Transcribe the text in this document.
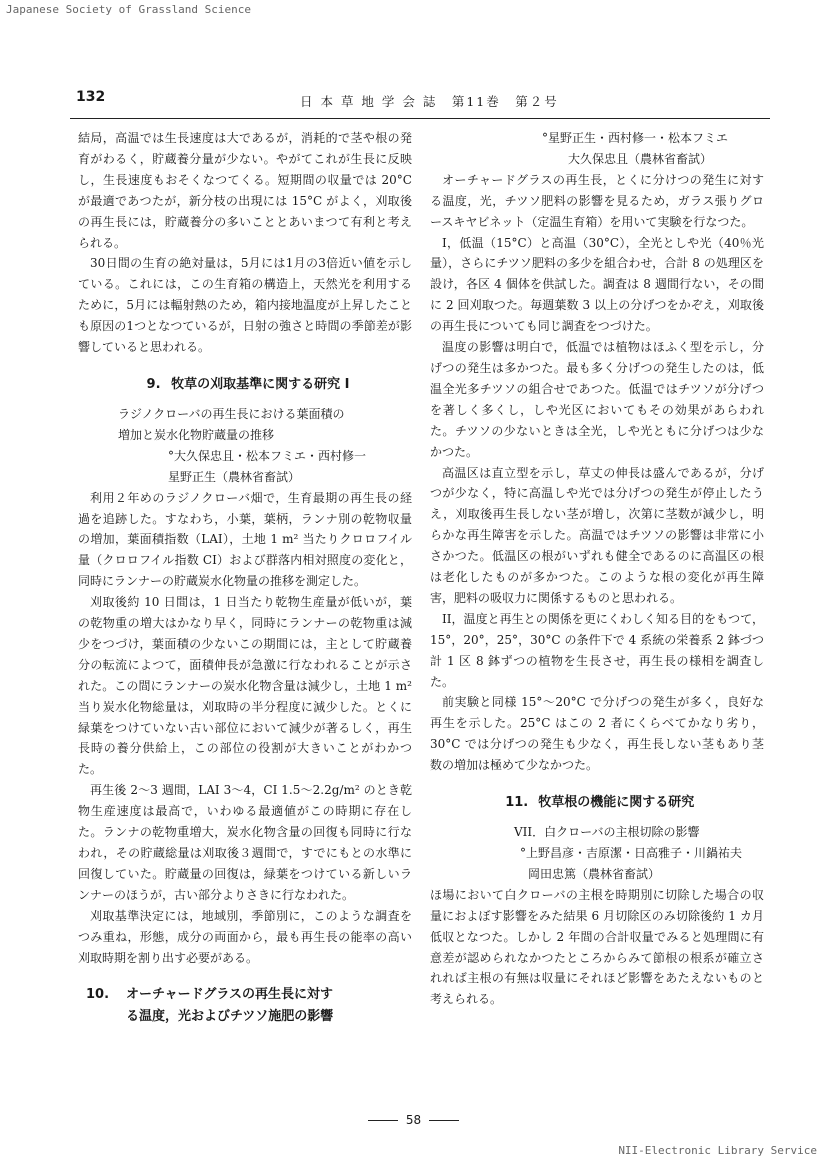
Japanese Society of Grassland Science
132	日 本 草 地 学 会 誌　第11巻　第２号

結局，高温では生長速度は大であるが，消耗的で茎や根の発育がわるく，貯蔵養分量が少ない。やがてこれが生長に反映し，生長速度もおそくなつてくる。短期間の収量では 20°C が最適であつたが，新分枝の出現には 15°C がよく，刈取後の再生長には，貯蔵養分の多いこととあいまつて有利と考えられる。

30日間の生育の絶対量は，5月には1月の3倍近い値を示している。これには，この生育箱の構造上，天然光を利用するために，5月には輻射熱のため，箱内接地温度が上昇したことも原因の1つとなつているが，日射の強さと時間の季節差が影響していると思われる。

9. 牧草の刈取基準に関する研究 I

ラジノクローバの再生長における葉面積の

増加と炭水化物貯蔵量の推移

°大久保忠且・松本フミエ・西村修一

星野正生（農林省畜試）

利用２年めのラジノクローバ畑で，生育最期の再生長の経過を追跡した。すなわち，小葉，葉柄，ランナ別の乾物収量の増加，葉面積指数（LAI），土地 1 m² 当たりクロロフイル量（クロロフイル指数 CI）および群落内相対照度の変化と，同時にランナーの貯蔵炭水化物量の推移を測定した。

刈取後約 10 日間は，1 日当たり乾物生産量が低いが，葉の乾物重の増大はかなり早く，同時にランナーの乾物重は減少をつづけ，葉面積の少ないこの期間には，主として貯蔵養分の転流によつて，面積伸長が急激に行なわれることが示された。この間にランナーの炭水化物含量は減少し，土地 1 m² 当り炭水化物総量は，刈取時の半分程度に減少した。とくに緑葉をつけていない古い部位において減少が著るしく，再生長時の養分供給上，この部位の役割が大きいことがわかつた。

再生後 2～3 週間，LAI 3～4，CI 1.5～2.2g/m² のとき乾物生産速度は最高で，いわゆる最適値がこの時期に存在した。ランナの乾物重増大，炭水化物含量の回復も同時に行なわれ，その貯蔵総量は刈取後３週間で，すでにもとの水準に回復していた。貯蔵量の回復は，緑葉をつけている新しいランナーのほうが，古い部分よりさきに行なわれた。

刈取基準決定には，地域別，季節別に，このような調査をつみ重ね，形態，成分の両面から，最も再生長の能率の高い刈取時期を割り出す必要がある。

10. オーチャードグラスの再生長に対す
る温度，光およびチツソ施肥の影響

°星野正生・西村修一・松本フミエ

大久保忠且（農林省畜試）

オーチャードグラスの再生長，とくに分けつの発生に対する温度，光，チツソ肥料の影響を見るため，ガラス張りグロースキヤビネット（定温生育箱）を用いて実験を行なつた。

I，低温（15°C）と高温（30°C），全光としや光（40％光量），さらにチツソ肥料の多少を組合わせ，合計 8 の処理区を設け，各区 4 個体を供試した。調査は 8 週間行ない，その間に 2 回刈取つた。毎週葉数 3 以上の分げつをかぞえ，刈取後の再生長についても同じ調査をつづけた。

温度の影響は明白で，低温では植物はほふく型を示し，分げつの発生は多かつた。最も多く分げつの発生したのは，低温全光多チツソの組合せであつた。低温ではチツソが分げつを著しく多くし，しや光区においてもその効果があらわれた。チツソの少ないときは全光，しや光ともに分げつは少なかつた。

高温区は直立型を示し，草丈の伸長は盛んであるが，分げつが少なく，特に高温しや光では分げつの発生が停止したうえ，刈取後再生長しない茎が増し，次第に茎数が減少し，明らかな再生障害を示した。高温ではチツソの影響は非常に小さかつた。低温区の根がいずれも健全であるのに高温区の根は老化したものが多かつた。このような根の変化が再生障害，肥料の吸収力に関係するものと思われる。

II，温度と再生との関係を更にくわしく知る目的をもつて，15°，20°，25°，30°C の条件下で 4 系統の栄養系 2 鉢づつ計 1 区 8 鉢ずつの植物を生長させ，再生長の様相を調査した。

前実験と同様 15°～20°C で分げつの発生が多く，良好な再生を示した。25°C はこの 2 者にくらべてかなり劣り，30°C では分げつの発生も少なく，再生長しない茎もあり茎数の増加は極めて少なかつた。

11. 牧草根の機能に関する研究

VII．白クローバの主根切除の影響

°上野昌彦・吉原潔・日高雅子・川鍋祐夫

岡田忠篤（農林省畜試）

ほ場において白クローバの主根を時期別に切除した場合の収量におよぼす影響をみた結果 6 月切除区のみ切除後約 1 カ月低収となつた。しかし 2 年間の合計収量でみると処理間に有意差が認められなかつたところからみて節根の根系が確立されれば主根の有無は収量にそれほど影響をあたえないものと考えられる。

58
NII-Electronic Library Service
